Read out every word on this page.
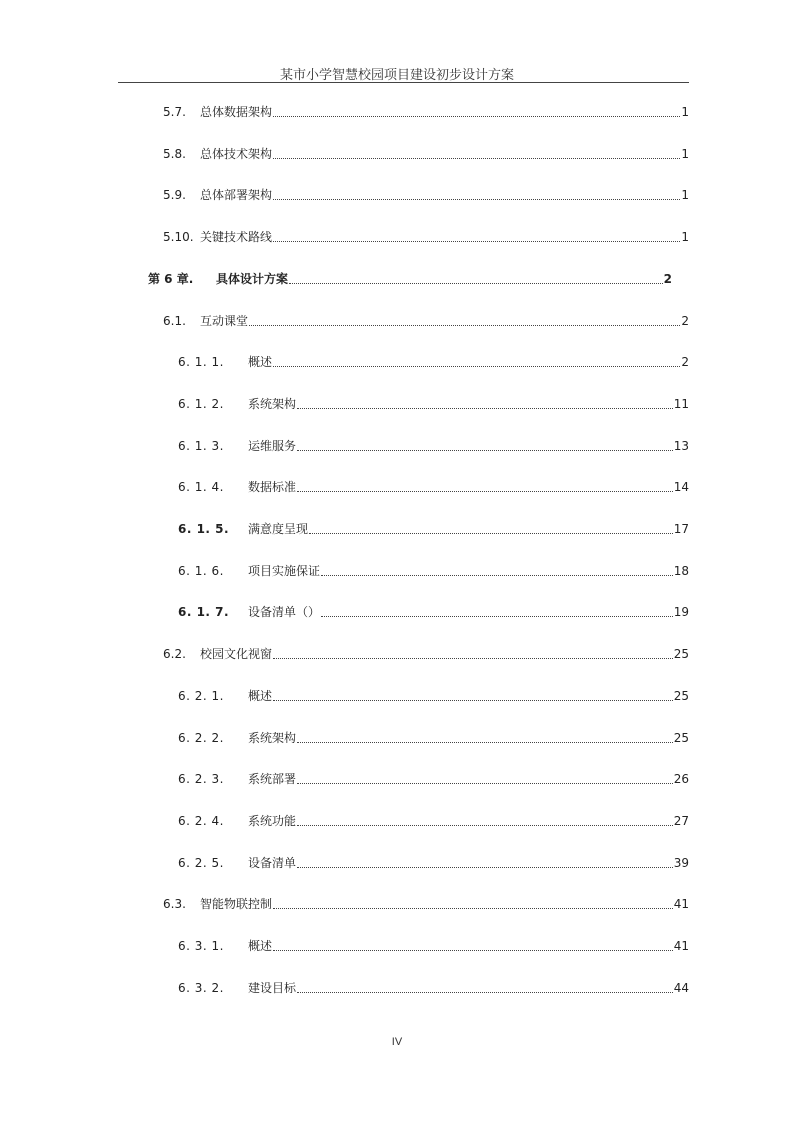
某市小学智慧校园项目建设初步设计方案
5.7.	总体数据架构	1
5.8.	总体技术架构	1
5.9.	总体部署架构	1
5.10. 关键技术路线	1
第 6 章.	具体设计方案	2
6.1.	互动课堂	2
6. 1. 1.	概述	2
6. 1. 2.	系统架构	11
6. 1. 3.	运维服务	13
6. 1. 4.	数据标准	14
6. 1. 5.	满意度呈现	17
6. 1. 6.	项目实施保证	18
6. 1. 7.	设备清单（）	19
6.2.	校园文化视窗	25
6. 2. 1.	概述	25
6. 2. 2.	系统架构	25
6. 2. 3.	系统部署	26
6. 2. 4.	系统功能	27
6. 2. 5.	设备清单	39
6.3.	智能物联控制	41
6. 3. 1.	概述	41
6. 3. 2.	建设目标	44
IV
